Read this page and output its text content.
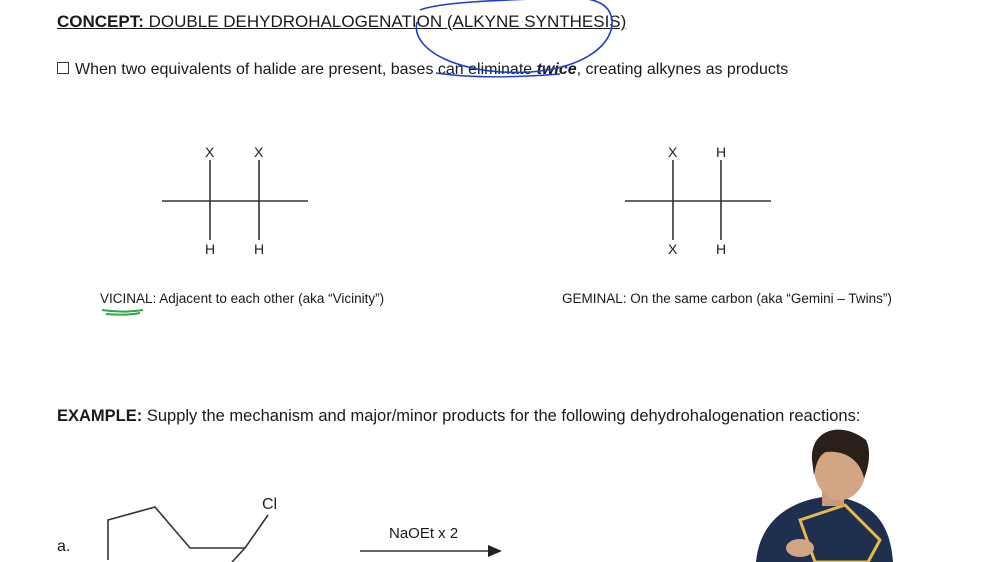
CONCEPT: DOUBLE DEHYDROHALOGENATION (ALKYNE SYNTHESIS)
When two equivalents of halide are present, bases can eliminate twice, creating alkynes as products
X	X
H	H
X	H
X	H
Cl
VICINAL: Adjacent to each other (aka “Vicinity”)	GEMINAL: On the same carbon (aka “Gemini – Twins”)
EXAMPLE: Supply the mechanism and major/minor products for the following dehydrohalogenation reactions:
a.
NaOEt x 2
